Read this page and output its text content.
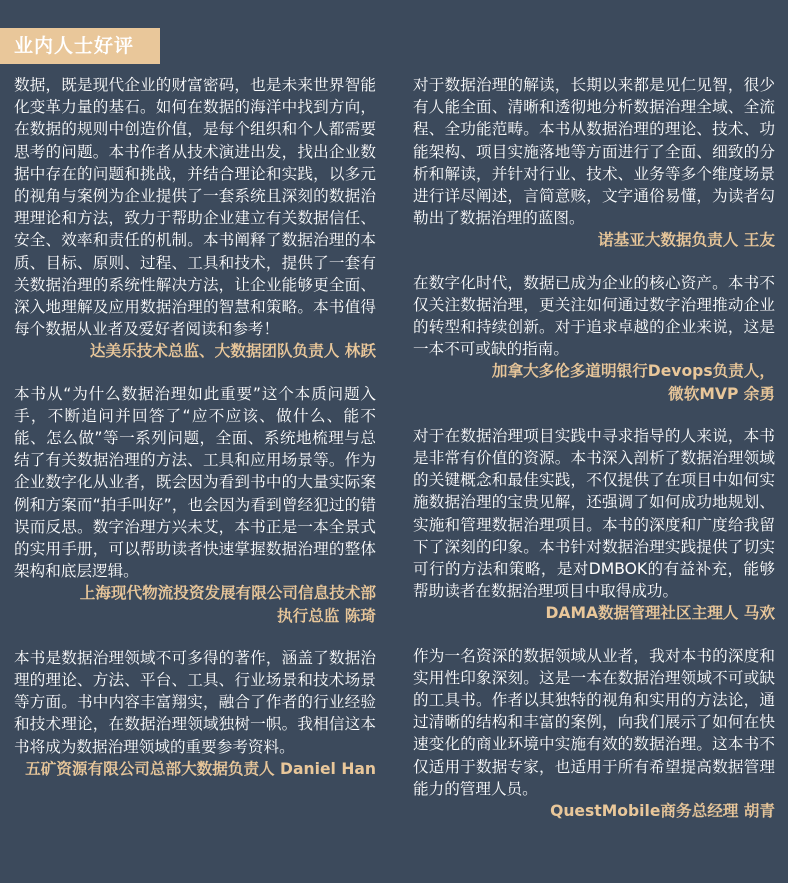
业内人士好评

数据，既是现代企业的财富密码，也是未来世界智能化变革力量的基石。如何在数据的海洋中找到方向，在数据的规则中创造价值，是每个组织和个人都需要思考的问题。本书作者从技术演进出发，找出企业数据中存在的问题和挑战，并结合理论和实践，以多元的视角与案例为企业提供了一套系统且深刻的数据治理理论和方法，致力于帮助企业建立有关数据信任、安全、效率和责任的机制。本书阐释了数据治理的本质、目标、原则、过程、工具和技术，提供了一套有关数据治理的系统性解决方法，让企业能够更全面、深入地理解及应用数据治理的智慧和策略。本书值得每个数据从业者及爱好者阅读和参考！

达美乐技术总监、大数据团队负责人 林跃

本书从“为什么数据治理如此重要”这个本质问题入手，不断追问并回答了“应不应该、做什么、能不能、怎么做”等一系列问题，全面、系统地梳理与总结了有关数据治理的方法、工具和应用场景等。作为企业数字化从业者，既会因为看到书中的大量实际案例和方案而“拍手叫好”，也会因为看到曾经犯过的错误而反思。数字治理方兴未艾，本书正是一本全景式的实用手册，可以帮助读者快速掌握数据治理的整体架构和底层逻辑。

上海现代物流投资发展有限公司信息技术部

执行总监 陈琦

本书是数据治理领域不可多得的著作，涵盖了数据治理的理论、方法、平台、工具、行业场景和技术场景等方面。书中内容丰富翔实，融合了作者的行业经验和技术理论，在数据治理领域独树一帜。我相信这本书将成为数据治理领域的重要参考资料。

五矿资源有限公司总部大数据负责人 Daniel Han

对于数据治理的解读，长期以来都是见仁见智，很少有人能全面、清晰和透彻地分析数据治理全域、全流程、全功能范畴。本书从数据治理的理论、技术、功能架构、项目实施落地等方面进行了全面、细致的分析和解读，并针对行业、技术、业务等多个维度场景进行详尽阐述，言简意赅，文字通俗易懂，为读者勾勒出了数据治理的蓝图。

诺基亚大数据负责人 王友

在数字化时代，数据已成为企业的核心资产。本书不仅关注数据治理，更关注如何通过数字治理推动企业的转型和持续创新。对于追求卓越的企业来说，这是一本不可或缺的指南。

加拿大多伦多道明银行Devops负责人，

微软MVP 余勇

对于在数据治理项目实践中寻求指导的人来说，本书是非常有价值的资源。本书深入剖析了数据治理领域的关键概念和最佳实践，不仅提供了在项目中如何实施数据治理的宝贵见解，还强调了如何成功地规划、实施和管理数据治理项目。本书的深度和广度给我留下了深刻的印象。本书针对数据治理实践提供了切实可行的方法和策略，是对DMBOK的有益补充，能够帮助读者在数据治理项目中取得成功。

DAMA数据管理社区主理人 马欢

作为一名资深的数据领域从业者，我对本书的深度和实用性印象深刻。这是一本在数据治理领域不可或缺的工具书。作者以其独特的视角和实用的方法论，通过清晰的结构和丰富的案例，向我们展示了如何在快速变化的商业环境中实施有效的数据治理。这本书不仅适用于数据专家，也适用于所有希望提高数据管理能力的管理人员。

QuestMobile商务总经理 胡青
